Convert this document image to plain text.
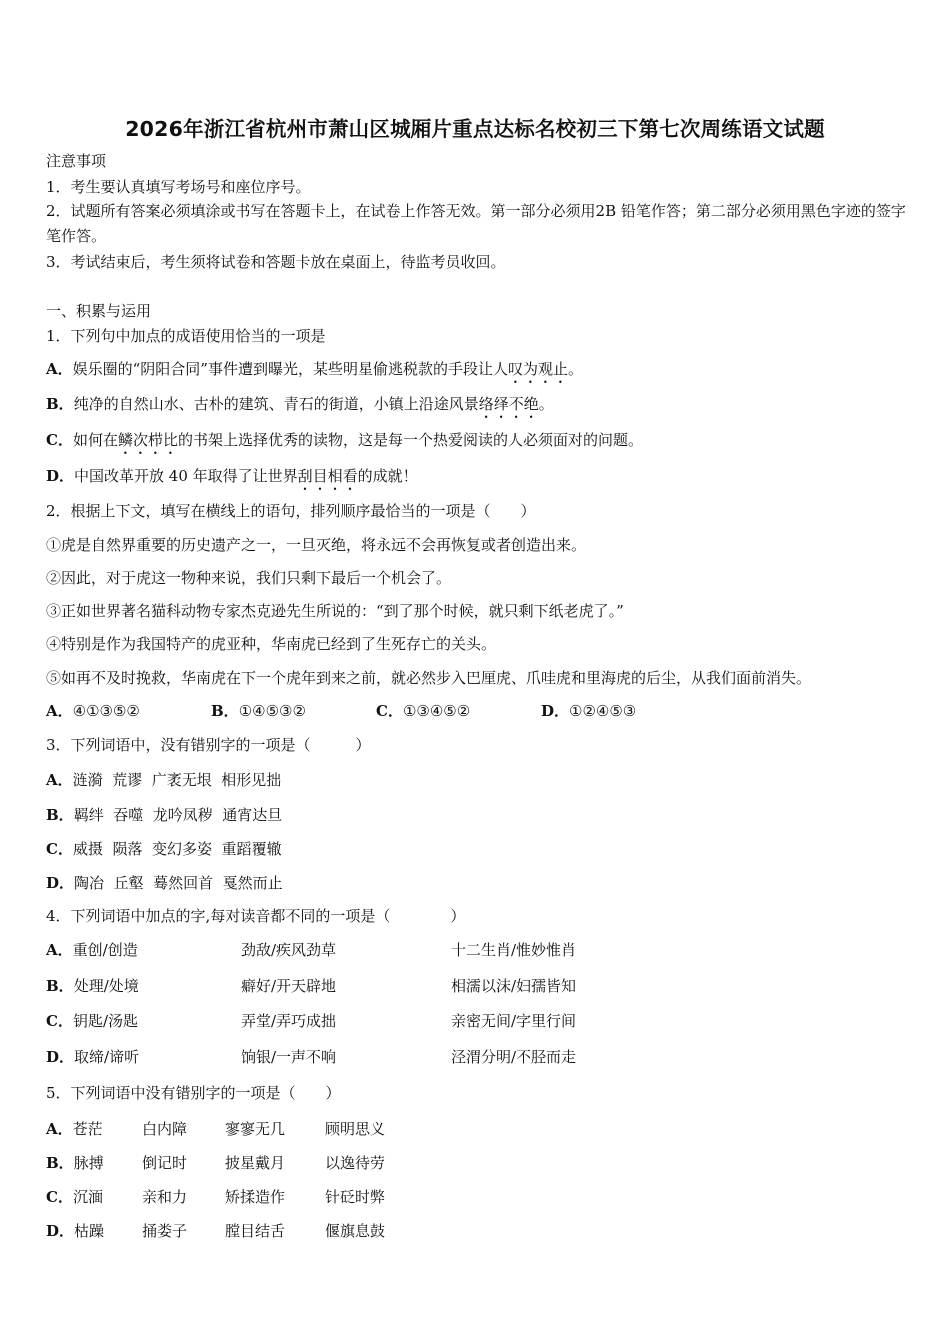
2026年浙江省杭州市萧山区城厢片重点达标名校初三下第七次周练语文试题
注意事项
1．考生要认真填写考场号和座位序号。
2．试题所有答案必须填涂或书写在答题卡上，在试卷上作答无效。第一部分必须用2B 铅笔作答；第二部分必须用黑色字迹的签字笔作答。
3．考试结束后，考生须将试卷和答题卡放在桌面上，待监考员收回。
一、积累与运用
1．下列句中加点的成语使用恰当的一项是
A．娱乐圈的“阴阳合同”事件遭到曝光，某些明星偷逃税款的手段让人叹为观止。
B．纯净的自然山水、古朴的建筑、青石的街道，小镇上沿途风景络绎不绝。
C．如何在鳞次栉比的书架上选择优秀的读物，这是每一个热爱阅读的人必须面对的问题。
D．中国改革开放 40 年取得了让世界刮目相看的成就！
2．根据上下文，填写在横线上的语句，排列顺序最恰当的一项是（　　）
①虎是自然界重要的历史遗产之一，一旦灭绝，将永远不会再恢复或者创造出来。
②因此，对于虎这一物种来说，我们只剩下最后一个机会了。
③正如世界著名猫科动物专家杰克逊先生所说的：“到了那个时候，就只剩下纸老虎了。”
④特别是作为我国特产的虎亚种，华南虎已经到了生死存亡的关头。
⑤如再不及时挽救，华南虎在下一个虎年到来之前，就必然步入巴厘虎、爪哇虎和里海虎的后尘，从我们面前消失。
A．④①③⑤②	B．①④⑤③②	C．①③④⑤②	D．①②④⑤③
3．下列词语中，没有错别字的一项是（　　　）
A．涟漪  荒谬  广袤无垠  相形见拙
B．羁绊  吞噬  龙吟凤秽  通宵达旦
C．威摄  陨落  变幻多姿  重蹈覆辙
D．陶冶  丘壑  蓦然回首  戛然而止
4．下列词语中加点的字,每对读音都不同的一项是（　　　　）
A．重创/创造	劲敌/疾风劲草	十二生肖/惟妙惟肖
B．处理/处境	癖好/开天辟地	相濡以沫/妇孺皆知
C．钥匙/汤匙	弄堂/弄巧成拙	亲密无间/字里行间
D．取缔/谛听	饷银/一声不响	泾渭分明/不胫而走
5．下列词语中没有错别字的一项是（　　）
A．苍茫	白内障	寥寥无几	顾明思义
B．脉搏	倒记时	披星戴月	以逸待劳
C．沉湎	亲和力	矫揉造作	针砭时弊
D．枯躁	捅娄子	膛目结舌	偃旗息鼓
